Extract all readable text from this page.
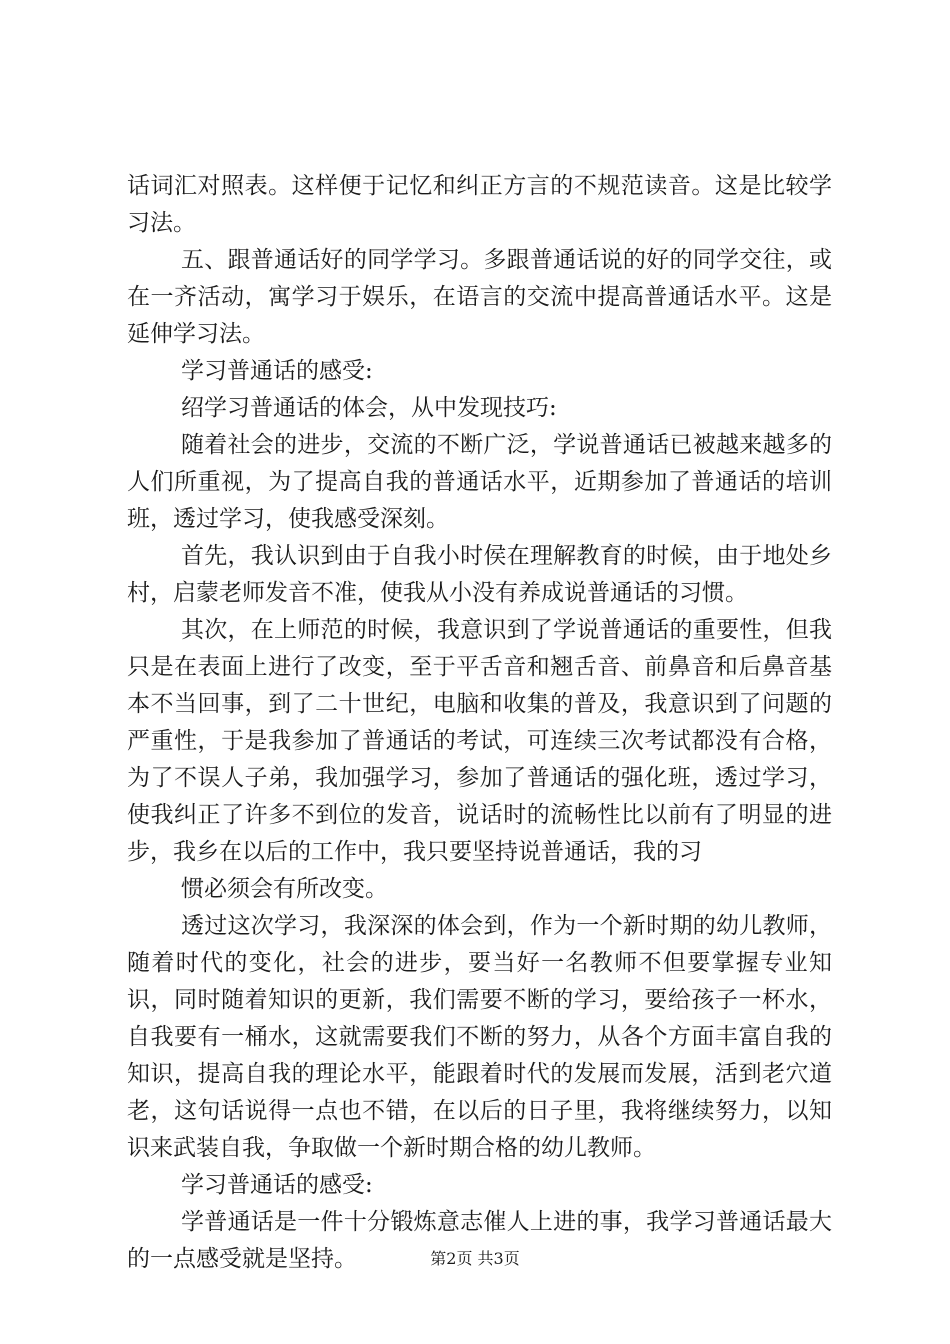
话词汇对照表。这样便于记忆和纠正方言的不规范读音。这是比较学习法。

五、跟普通话好的同学学习。多跟普通话说的好的同学交往，或在一齐活动，寓学习于娱乐，在语言的交流中提高普通话水平。这是延伸学习法。

学习普通话的感受:

绍学习普通话的体会，从中发现技巧:

随着社会的进步，交流的不断广泛，学说普通话已被越来越多的人们所重视，为了提高自我的普通话水平，近期参加了普通话的培训班，透过学习，使我感受深刻。

首先，我认识到由于自我小时侯在理解教育的时候，由于地处乡村，启蒙老师发音不准，使我从小没有养成说普通话的习惯。

其次，在上师范的时候，我意识到了学说普通话的重要性，但我只是在表面上进行了改变，至于平舌音和翘舌音、前鼻音和后鼻音基本不当回事，到了二十世纪，电脑和收集的普及，我意识到了问题的严重性，于是我参加了普通话的考试，可连续三次考试都没有合格，为了不误人子弟，我加强学习，参加了普通话的强化班，透过学习，使我纠正了许多不到位的发音，说话时的流畅性比以前有了明显的进步，我乡在以后的工作中，我只要坚持说普通话，我的习

惯必须会有所改变。

透过这次学习，我深深的体会到，作为一个新时期的幼儿教师，随着时代的变化，社会的进步，要当好一名教师不但要掌握专业知识，同时随着知识的更新，我们需要不断的学习，要给孩子一杯水，自我要有一桶水，这就需要我们不断的努力，从各个方面丰富自我的知识，提高自我的理论水平，能跟着时代的发展而发展，活到老穴道老，这句话说得一点也不错，在以后的日子里，我将继续努力，以知识来武装自我，争取做一个新时期合格的幼儿教师。

学习普通话的感受:

学普通话是一件十分锻炼意志催人上进的事，我学习普通话最大的一点感受就是坚持。	第2页 共3页
